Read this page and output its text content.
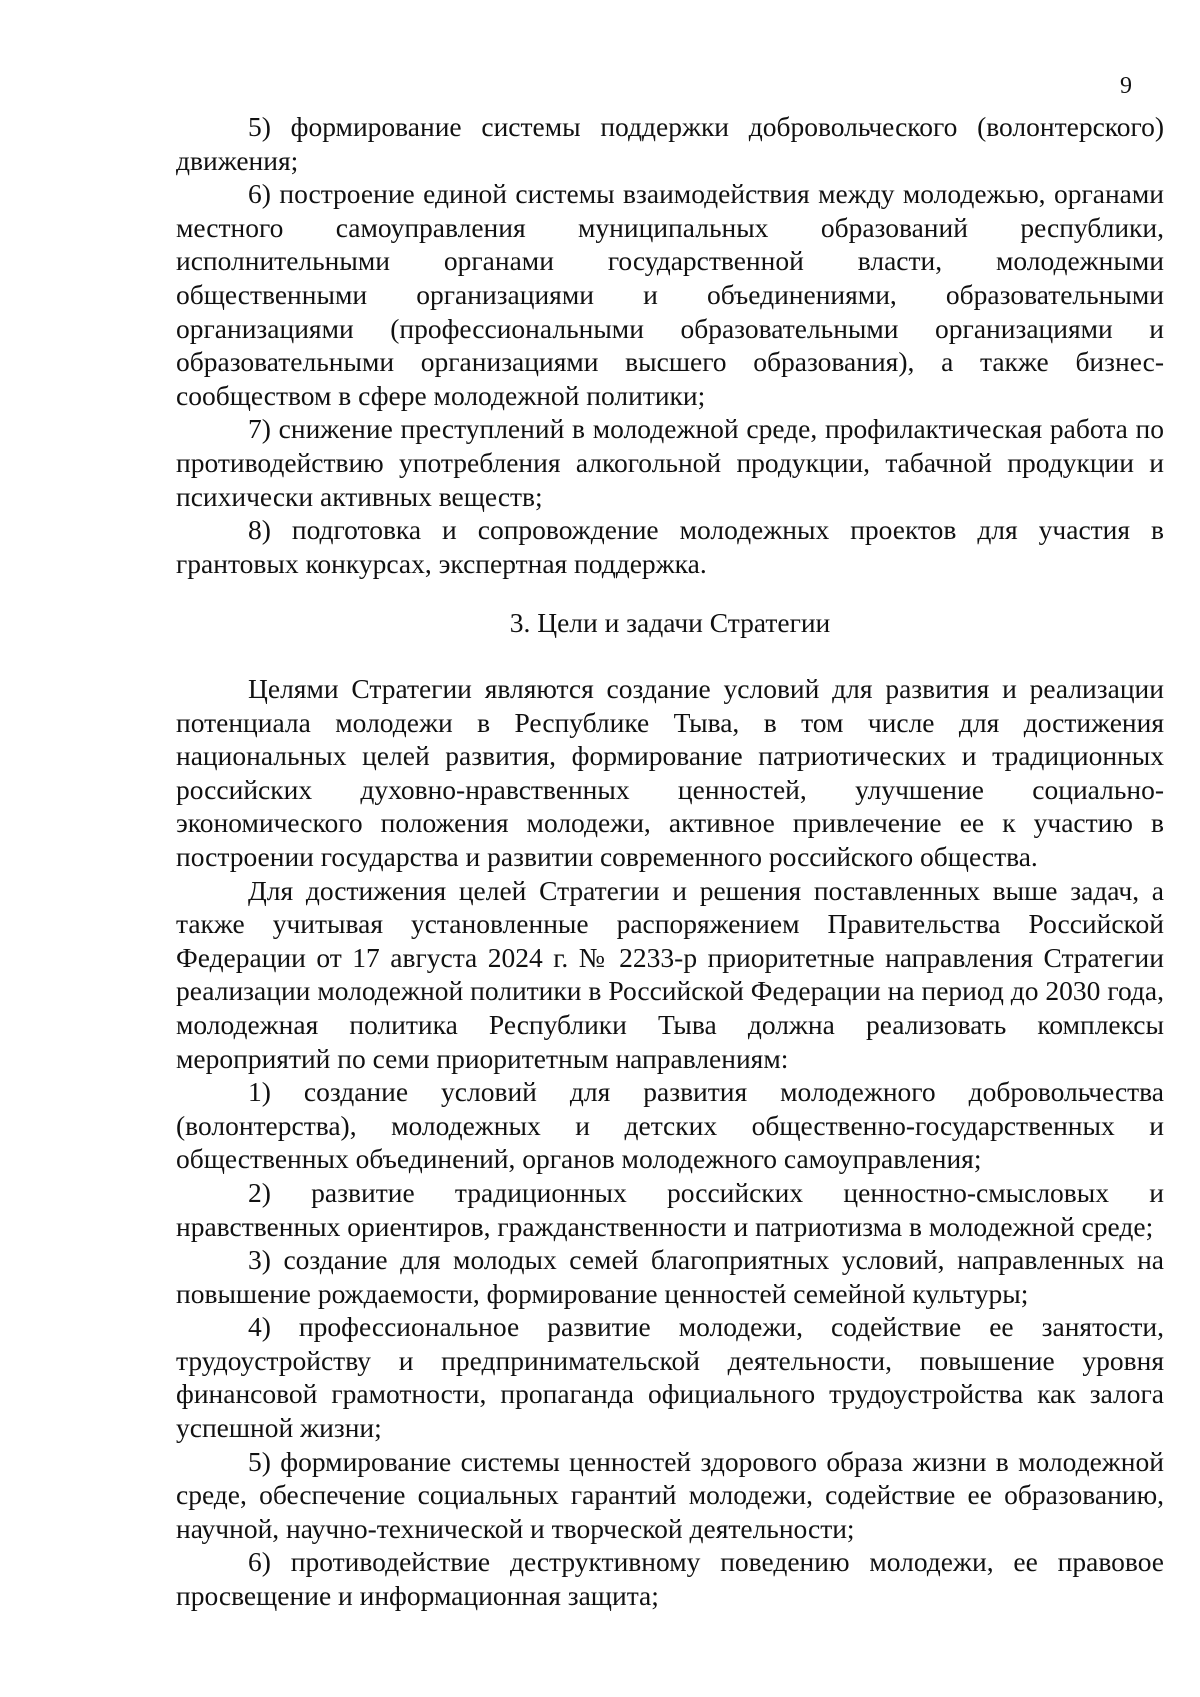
9

5) формирование системы поддержки добровольческого (волонтерского) движения;

6) построение единой системы взаимодействия между молодежью, органами местного самоуправления муниципальных образований республики, исполнительными органами государственной власти, молодежными общественными организациями и объединениями, образовательными организациями (профессиональными образовательными организациями и образовательными организациями высшего образования), а также бизнес-сообществом в сфере молодежной политики;

7) снижение преступлений в молодежной среде, профилактическая работа по противодействию употребления алкогольной продукции, табачной продукции и психически активных веществ;

8) подготовка и сопровождение молодежных проектов для участия в грантовых конкурсах, экспертная поддержка.

3. Цели и задачи Стратегии

Целями Стратегии являются создание условий для развития и реализации потенциала молодежи в Республике Тыва, в том числе для достижения национальных целей развития, формирование патриотических и традиционных российских духовно-нравственных ценностей, улучшение социально-экономического положения молодежи, активное привлечение ее к участию в построении государства и развитии современного российского общества.

Для достижения целей Стратегии и решения поставленных выше задач, а также учитывая установленные распоряжением Правительства Российской Федерации от 17 августа 2024 г. № 2233-р приоритетные направления Стратегии реализации молодежной политики в Российской Федерации на период до 2030 года, молодежная политика Республики Тыва должна реализовать комплексы мероприятий по семи приоритетным направлениям:

1) создание условий для развития молодежного добровольчества (волонтерства), молодежных и детских общественно-государственных и общественных объединений, органов молодежного самоуправления;

2) развитие традиционных российских ценностно-смысловых и нравственных ориентиров, гражданственности и патриотизма в молодежной среде;

3) создание для молодых семей благоприятных условий, направленных на повышение рождаемости, формирование ценностей семейной культуры;

4) профессиональное развитие молодежи, содействие ее занятости, трудоустройству и предпринимательской деятельности, повышение уровня финансовой грамотности, пропаганда официального трудоустройства как залога успешной жизни;

5) формирование системы ценностей здорового образа жизни в молодежной среде, обеспечение социальных гарантий молодежи, содействие ее образованию, научной, научно-технической и творческой деятельности;

6) противодействие деструктивному поведению молодежи, ее правовое просвещение и информационная защита;
